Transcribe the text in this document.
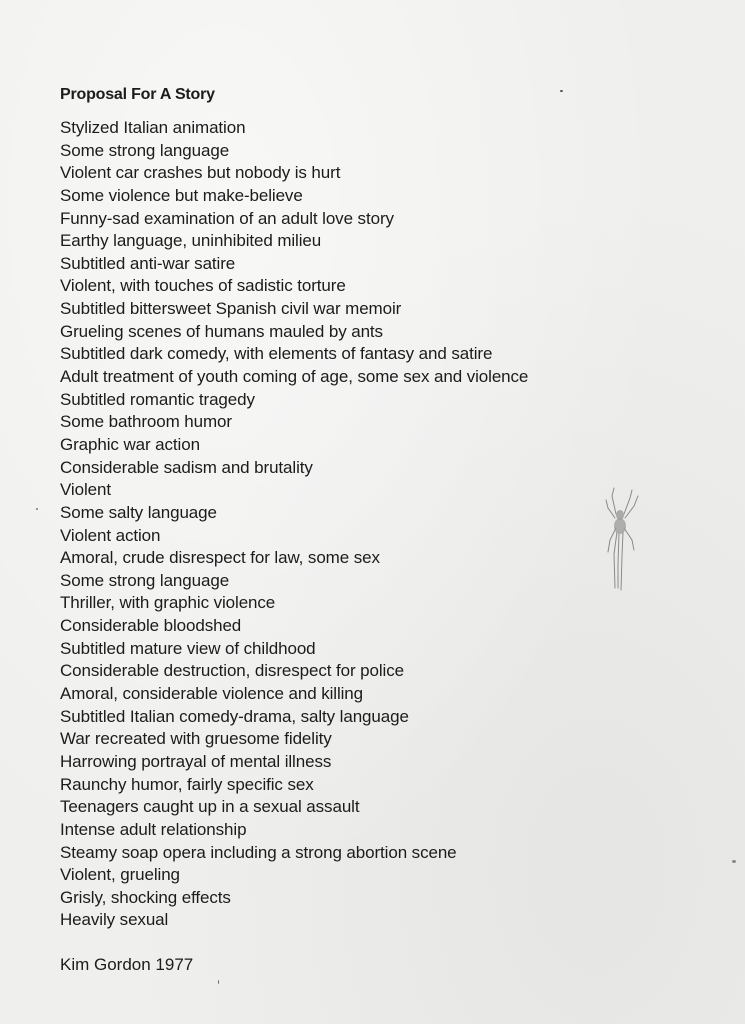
Proposal For A Story
Stylized Italian animation
Some strong language
Violent car crashes but nobody is hurt
Some violence but make-believe
Funny-sad examination of an adult love story
Earthy language, uninhibited milieu
Subtitled anti-war satire
Violent, with touches of sadistic torture
Subtitled bittersweet Spanish civil war memoir
Grueling scenes of humans mauled by ants
Subtitled dark comedy, with elements of fantasy and satire
Adult treatment of youth coming of age, some sex and violence
Subtitled romantic tragedy
Some bathroom humor
Graphic war action
Considerable sadism and brutality
Violent
Some salty language
Violent action
Amoral, crude disrespect for law, some sex
Some strong language
Thriller, with graphic violence
Considerable bloodshed
Subtitled mature view of childhood
Considerable destruction, disrespect for police
Amoral, considerable violence and killing
Subtitled Italian comedy-drama, salty language
War recreated with gruesome fidelity
Harrowing portrayal of mental illness
Raunchy humor, fairly specific sex
Teenagers caught up in a sexual assault
Intense adult relationship
Steamy soap opera including a strong abortion scene
Violent, grueling
Grisly, shocking effects
Heavily sexual
Kim Gordon 1977
